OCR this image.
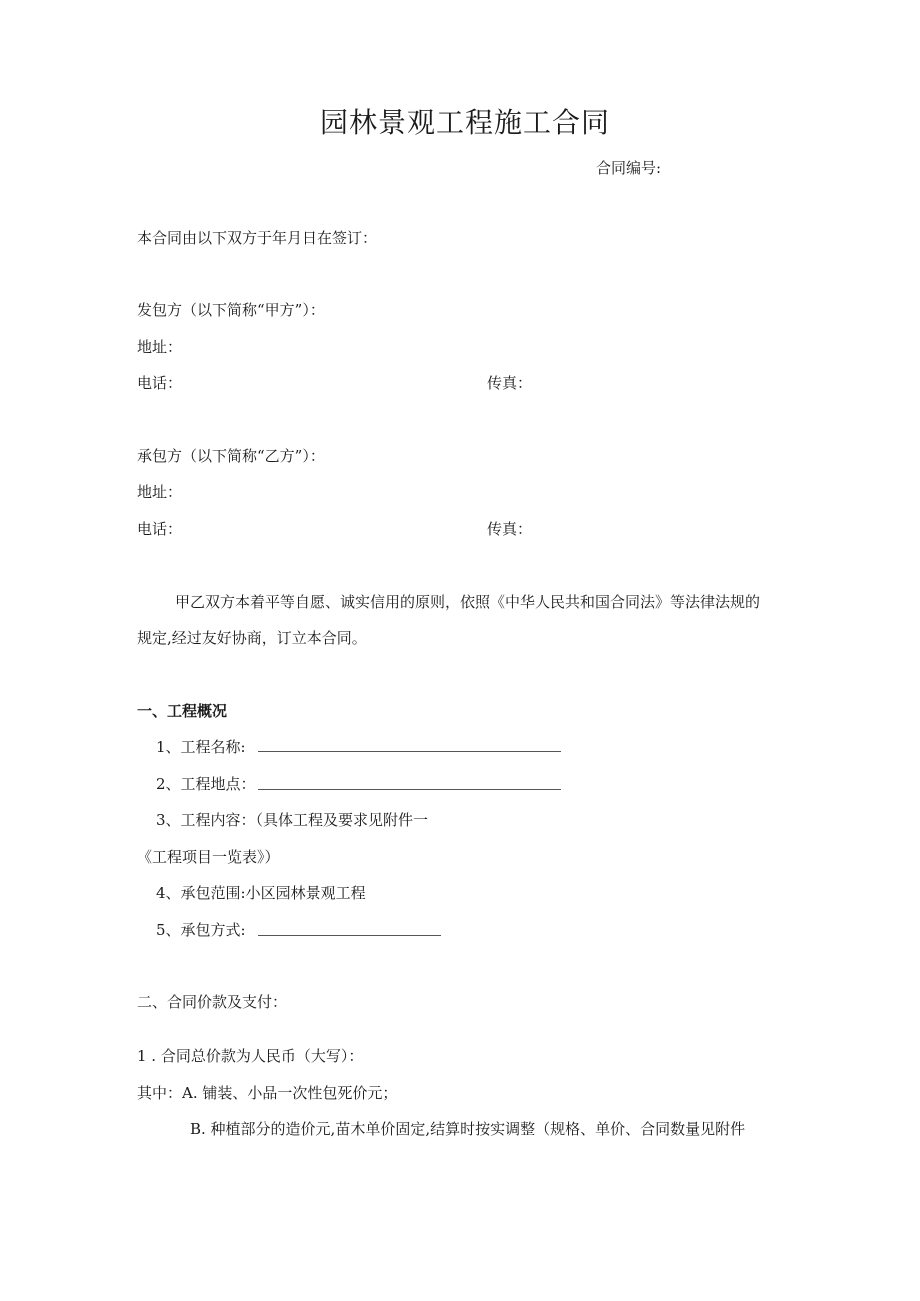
园林景观工程施工合同
合同编号:
本合同由以下双方于年月日在签订：
发包方（以下简称“甲方”）：
地址：
电话：	传真：
承包方（以下简称“乙方”）：
地址：
电话：	传真：
甲乙双方本着平等自愿、诚实信用的原则，依照《中华人民共和国合同法》等法律法规的
规定,经过友好协商，订立本合同。
一、工程概况
1、工程名称:
2、工程地点：
3、工程内容：（具体工程及要求见附件一
《工程项目一览表》）
4、承包范围:小区园林景观工程
5、承包方式:
二、合同价款及支付：
1 . 合同总价款为人民币（大写）：
其中：A. 铺装、小品一次性包死价元；
B. 种植部分的造价元,苗木单价固定,结算时按实调整（规格、单价、合同数量见附件
